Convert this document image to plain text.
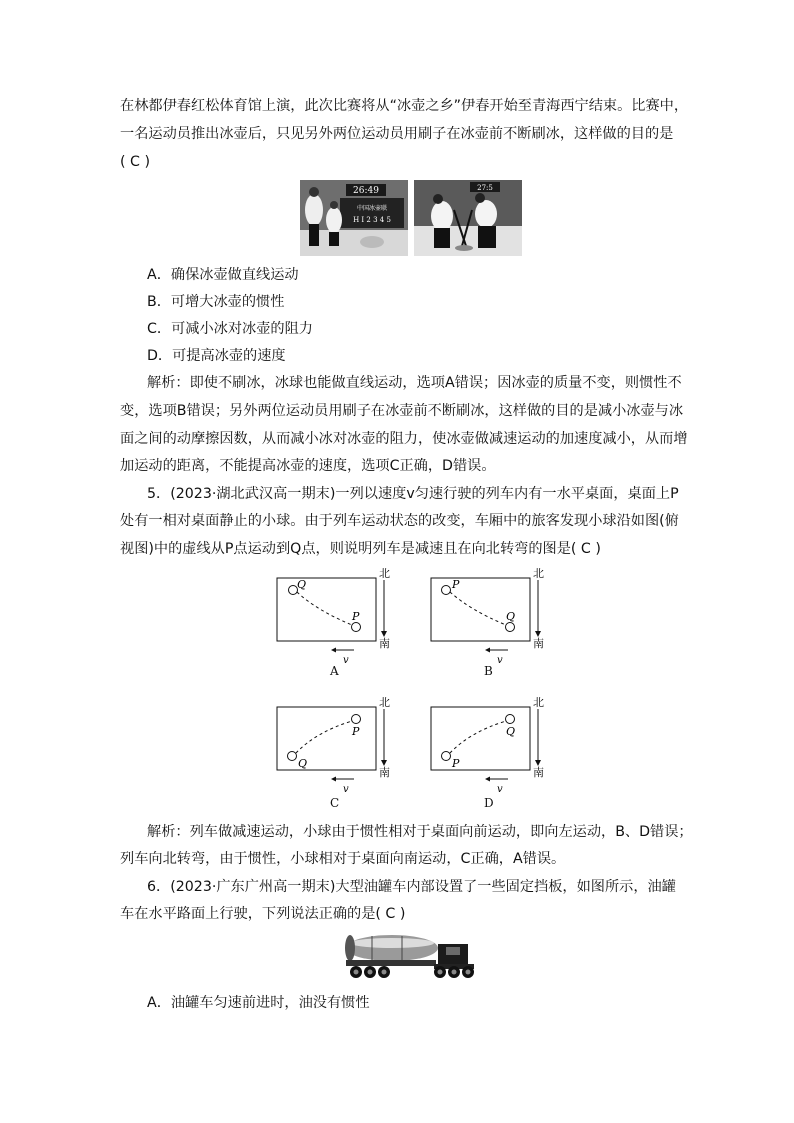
在林都伊春红松体育馆上演，此次比赛将从“冰壶之乡”伊春开始至青海西宁结束。比赛中，
一名运动员推出冰壶后，只见另外两位运动员用刷子在冰壶前不断刷冰，这样做的目的是
( C )
26:49
中国冰壶联
H I 2 3 4 5
27:5
A．确保冰壶做直线运动
B．可增大冰壶的惯性
C．可减小冰对冰壶的阻力
D．可提高冰壶的速度
解析：即使不刷冰，冰球也能做直线运动，选项A错误；因冰壶的质量不变，则惯性不
变，选项B错误；另外两位运动员用刷子在冰壶前不断刷冰，这样做的目的是减小冰壶与冰
面之间的动摩擦因数，从而减小冰对冰壶的阻力，使冰壶做减速运动的加速度减小，从而增
加运动的距离，不能提高冰壶的速度，选项C正确，D错误。
5．(2023·湖北武汉高一期末)一列以速度v匀速行驶的列车内有一水平桌面，桌面上P
处有一相对桌面静止的小球。由于列车运动状态的改变，车厢中的旅客发现小球沿如图(俯
视图)中的虚线从P点运动到Q点，则说明列车是减速且在向北转弯的图是( C )
Q
P
北
南
v
A
P
Q
北
南
v
B
P
Q
北
南
v
C
Q
P
北
南
v
D
解析：列车做减速运动，小球由于惯性相对于桌面向前运动，即向左运动，B、D错误；
列车向北转弯，由于惯性，小球相对于桌面向南运动，C正确，A错误。
6．(2023·广东广州高一期末)大型油罐车内部设置了一些固定挡板，如图所示，油罐
车在水平路面上行驶，下列说法正确的是( C )
A．油罐车匀速前进时，油没有惯性
